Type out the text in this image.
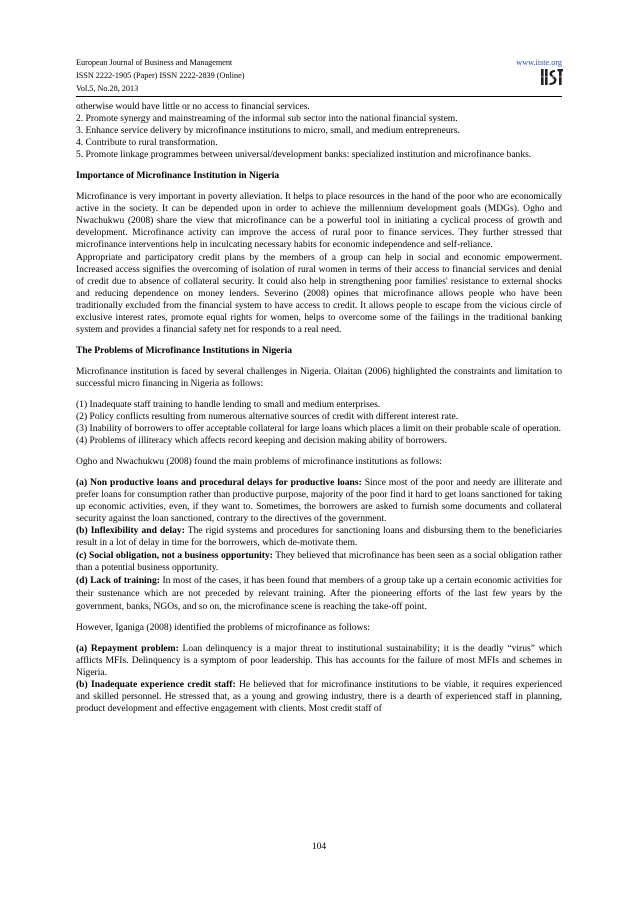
European Journal of Business and Management
ISSN 2222-1905 (Paper) ISSN 2222-2839 (Online)
Vol.5, No.28, 2013
www.iiste.org

otherwise would have little or no access to financial services.

2. Promote synergy and mainstreaming of the informal sub sector into the national financial system.

3. Enhance service delivery by microfinance institutions to micro, small, and medium entrepreneurs.

4. Contribute to rural transformation.

5. Promote linkage programmes between universal/development banks: specialized institution and microfinance banks.

Importance of Microfinance Institution in Nigeria

Microfinance is very important in poverty alleviation. It helps to place resources in the hand of the poor who are economically active in the society. It can be depended upon in order to achieve the millennium development goals (MDGs). Ogho and Nwachukwu (2008) share the view that microfinance can be a powerful tool in initiating a cyclical process of growth and development. Microfinance activity can improve the access of rural poor to finance services. They further stressed that microfinance interventions help in inculcating necessary habits for economic independence and self-reliance.

Appropriate and participatory credit plans by the members of a group can help in social and economic empowerment. Increased access signifies the overcoming of isolation of rural women in terms of their access to financial services and denial of credit due to absence of collateral security. It could also help in strengthening poor families' resistance to external shocks and reducing dependence on money lenders. Severino (2008) opines that microfinance allows people who have been traditionally excluded from the financial system to have access to credit. It allows people to escape from the vicious circle of exclusive interest rates, promote equal rights for women, helps to overcome some of the failings in the traditional banking system and provides a financial safety net for responds to a real need.

The Problems of Microfinance Institutions in Nigeria

Microfinance institution is faced by several challenges in Nigeria. Olaitan (2006) highlighted the constraints and limitation to successful micro financing in Nigeria as follows:

(1) Inadequate staff training to handle lending to small and medium enterprises.

(2) Policy conflicts resulting from numerous alternative sources of credit with different interest rate.

(3) Inability of borrowers to offer acceptable collateral for large loans which places a limit on their probable scale of operation.

(4) Problems of illiteracy which affects record keeping and decision making ability of borrowers.

Ogho and Nwachukwu (2008) found the main problems of microfinance institutions as follows:

(a) Non productive loans and procedural delays for productive loans: Since most of the poor and needy are illiterate and prefer loans for consumption rather than productive purpose, majority of the poor find it hard to get loans sanctioned for taking up economic activities, even, if they want to. Sometimes, the borrowers are asked to furnish some documents and collateral security against the loan sanctioned, contrary to the directives of the government.

(b) Inflexibility and delay: The rigid systems and procedures for sanctioning loans and disbursing them to the beneficiaries result in a lot of delay in time for the borrowers, which de-motivate them.

(c) Social obligation, not a business opportunity: They believed that microfinance has been seen as a social obligation rather than a potential business opportunity.

(d) Lack of training: In most of the cases, it has been found that members of a group take up a certain economic activities for their sustenance which are not preceded by relevant training. After the pioneering efforts of the last few years by the government, banks, NGOs, and so on, the microfinance scene is reaching the take-off point.

However, Iganiga (2008) identified the problems of microfinance as follows:

(a) Repayment problem: Loan delinquency is a major threat to institutional sustainability; it is the deadly “virus” which afflicts MFIs. Delinquency is a symptom of poor leadership. This has accounts for the failure of most MFIs and schemes in Nigeria.

(b) Inadequate experience credit staff: He believed that for microfinance institutions to be viable, it requires experienced and skilled personnel. He stressed that, as a young and growing industry, there is a dearth of experienced staff in planning, product development and effective engagement with clients. Most credit staff of

104
